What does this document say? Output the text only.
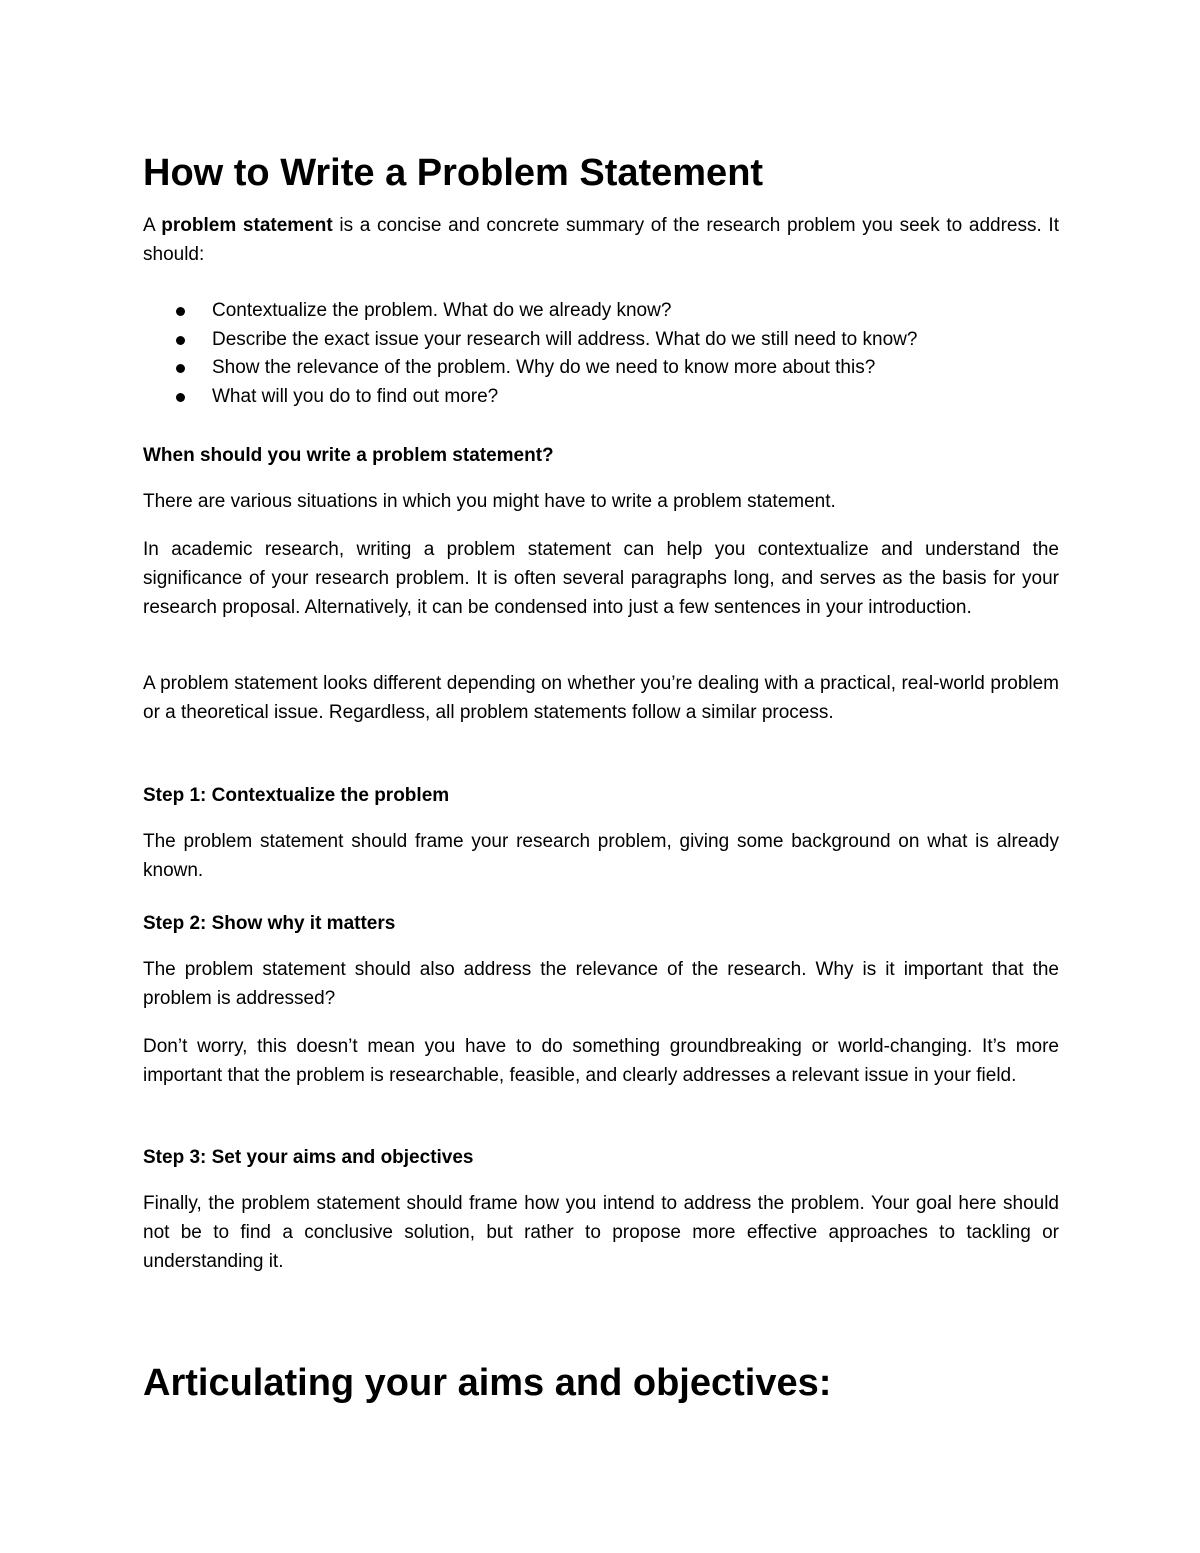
How to Write a Problem Statement

A problem statement is a concise and concrete summary of the research problem you seek to address. It should:

Contextualize the problem. What do we already know?
Describe the exact issue your research will address. What do we still need to know?
Show the relevance of the problem. Why do we need to know more about this?
What will you do to find out more?

When should you write a problem statement?

There are various situations in which you might have to write a problem statement.

In academic research, writing a problem statement can help you contextualize and understand the significance of your research problem. It is often several paragraphs long, and serves as the basis for your research proposal. Alternatively, it can be condensed into just a few sentences in your introduction.

A problem statement looks different depending on whether you’re dealing with a practical, real-world problem or a theoretical issue. Regardless, all problem statements follow a similar process.

Step 1: Contextualize the problem

The problem statement should frame your research problem, giving some background on what is already known.

Step 2: Show why it matters

The problem statement should also address the relevance of the research. Why is it important that the problem is addressed?

Don’t worry, this doesn’t mean you have to do something groundbreaking or world-changing. It’s more important that the problem is researchable, feasible, and clearly addresses a relevant issue in your field.

Step 3: Set your aims and objectives

Finally, the problem statement should frame how you intend to address the problem. Your goal here should not be to find a conclusive solution, but rather to propose more effective approaches to tackling or understanding it.

Articulating your aims and objectives:
